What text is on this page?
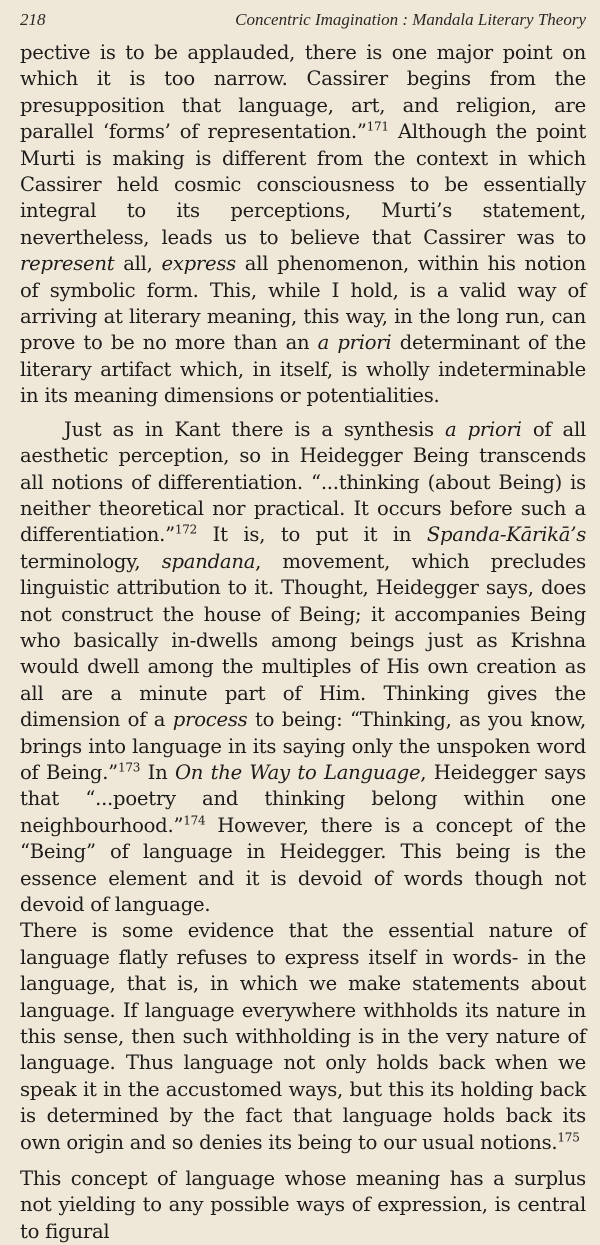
218	Concentric Imagination : Mandala Literary Theory

pective is to be applauded, there is one major point on which it is too narrow. Cassirer begins from the presupposition that language, art, and religion, are parallel ‘forms’ of representation.”$^{171}$ Although the point Murti is making is different from the context in which Cassirer held cosmic consciousness to be essentially integral to its perceptions, Murti’s statement, nevertheless, leads us to believe that Cassirer was to represent all, express all phenomenon, within his notion of symbolic form. This, while I hold, is a valid way of arriving at literary meaning, this way, in the long run, can prove to be no more than an a priori determinant of the literary artifact which, in itself, is wholly indeterminable in its meaning dimensions or potentialities.

Just as in Kant there is a synthesis a priori of all aesthetic perception, so in Heidegger Being transcends all notions of differentiation. “...thinking (about Being) is neither theoretical nor practical. It occurs before such a differentiation.”$^{172}$ It is, to put it in Spanda-Kārikā’s terminology, spandana, movement, which precludes linguistic attribution to it. Thought, Heidegger says, does not construct the house of Being; it accompanies Being who basically in-dwells among beings just as Krishna would dwell among the multiples of His own creation as all are a minute part of Him. Thinking gives the dimension of a process to being: “Thinking, as you know, brings into language in its saying only the unspoken word of Being.”$^{173}$ In On the Way to Language, Heidegger says that “...poetry and thinking belong within one neighbourhood.”$^{174}$ However, there is a concept of the “Being” of language in Heidegger. This being is the essence element and it is devoid of words though not devoid of language.

There is some evidence that the essential nature of language flatly refuses to express itself in words- in the language, that is, in which we make statements about language. If language everywhere withholds its nature in this sense, then such withholding is in the very nature of language. Thus language not only holds back when we speak it in the accustomed ways, but this its holding back is determined by the fact that language holds back its own origin and so denies its being to our usual notions.$^{175}$

This concept of language whose meaning has a surplus not yielding to any possible ways of expression, is central to figural
